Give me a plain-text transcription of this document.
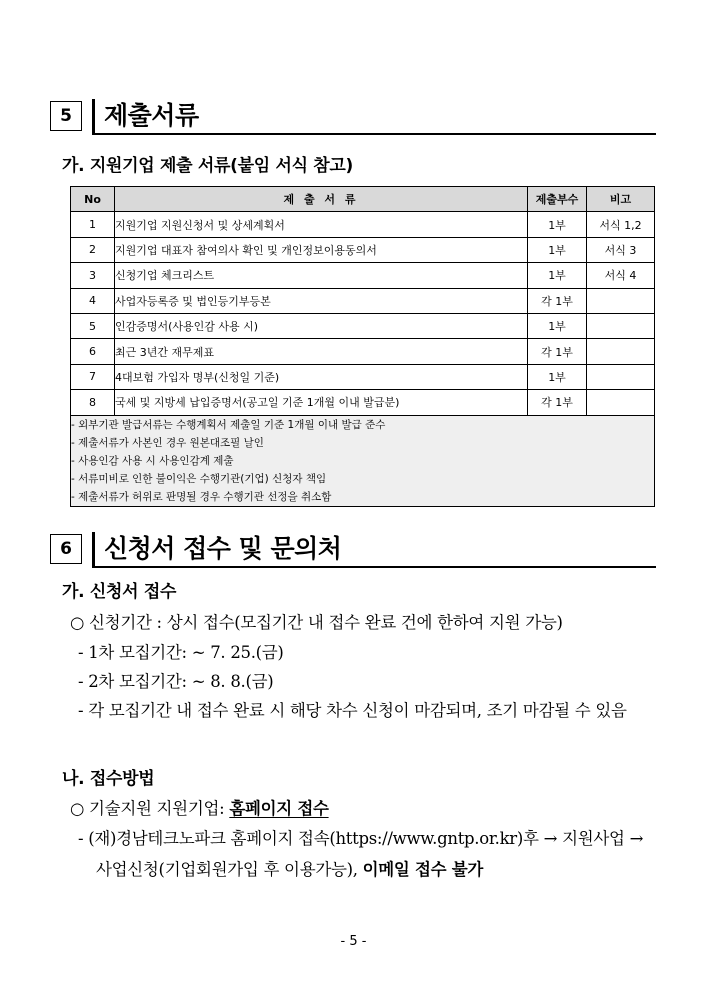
5	제출서류
가. 지원기업 제출 서류(붙임 서식 참고)
No	제 출 서 류	제출부수	비고
1	지원기업 지원신청서 및 상세계획서	1부	서식 1,2
2	지원기업 대표자 참여의사 확인 및 개인정보이용동의서	1부	서식 3
3	신청기업 체크리스트	1부	서식 4
4	사업자등록증 및 법인등기부등본	각 1부	
5	인감증명서(사용인감 사용 시)	1부	
6	최근 3년간 재무제표	각 1부	
7	4대보험 가입자 명부(신청일 기준)	1부	
8	국세 및 지방세 납입증명서(공고일 기준 1개월 이내 발급분)	각 1부	

- 외부기관 발급서류는 수행계획서 제출일 기준 1개월 이내 발급 준수
- 제출서류가 사본인 경우 원본대조필 날인
- 사용인감 사용 시 사용인감계 제출
- 서류미비로 인한 불이익은 수행기관(기업) 신청자 책임
- 제출서류가 허위로 판명될 경우 수행기관 선정을 취소함			
6	신청서 접수 및 문의처
가. 신청서 접수
○ 신청기간 : 상시 접수(모집기간 내 접수 완료 건에 한하여 지원 가능)
- 1차 모집기간: ~ 7. 25.(금)
- 2차 모집기간: ~ 8. 8.(금)
- 각 모집기간 내 접수 완료 시 해당 차수 신청이 마감되며, 조기 마감될 수 있음
나. 접수방법
○ 기술지원 지원기업: 홈페이지 접수
- (재)경남테크노파크 홈페이지 접속(https://www.gntp.or.kr)후 → 지원사업 →
사업신청(기업회원가입 후 이용가능), 이메일 접수 불가
- 5 -
